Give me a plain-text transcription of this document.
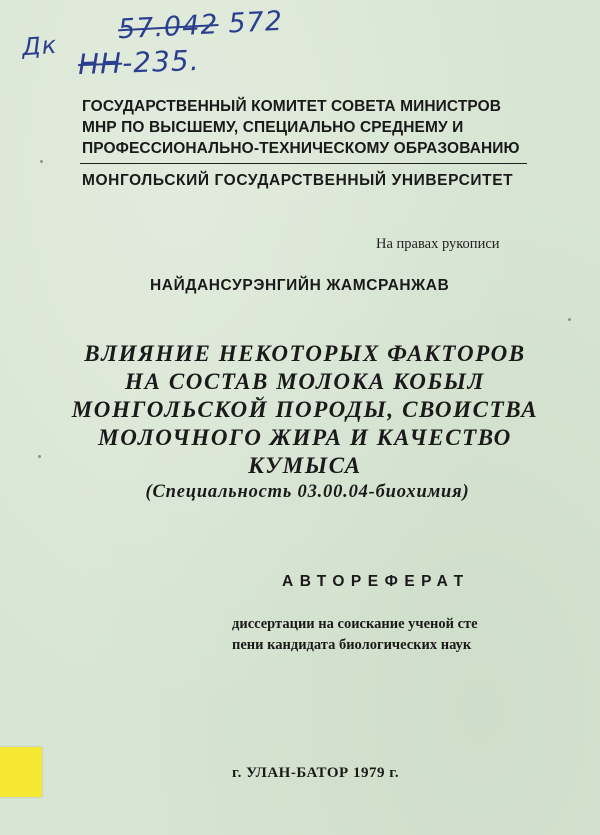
57.042 572
Дк
НН-235.
ГОСУДАРСТВЕННЫЙ КОМИТЕТ СОВЕТА МИНИСТРОВ
МНР ПО ВЫСШЕМУ, СПЕЦИАЛЬНО СРЕДНЕМУ И
ПРОФЕССИОНАЛЬНО-ТЕХНИЧЕСКОМУ ОБРАЗОВАНИЮ
МОНГОЛЬСКИЙ ГОСУДАРСТВЕННЫЙ УНИВЕРСИТЕТ
На правах рукописи
НАЙДАНСУРЭНГИЙН ЖАМСРАНЖАВ
ВЛИЯНИЕ НЕКОТОРЫХ ФАКТОРОВ
НА СОСТАВ МОЛОКА КОБЫЛ
МОНГОЛЬСКОЙ ПОРОДЫ, СВОИСТВА
МОЛОЧНОГО ЖИРА И КАЧЕСТВО
КУМЫСА
(Специальность 03.00.04-биохимия)
АВТОРЕФЕРАТ
диссертации на соискание ученой сте
пени кандидата биологических наук
г. УЛАН-БАТОР 1979 г.
